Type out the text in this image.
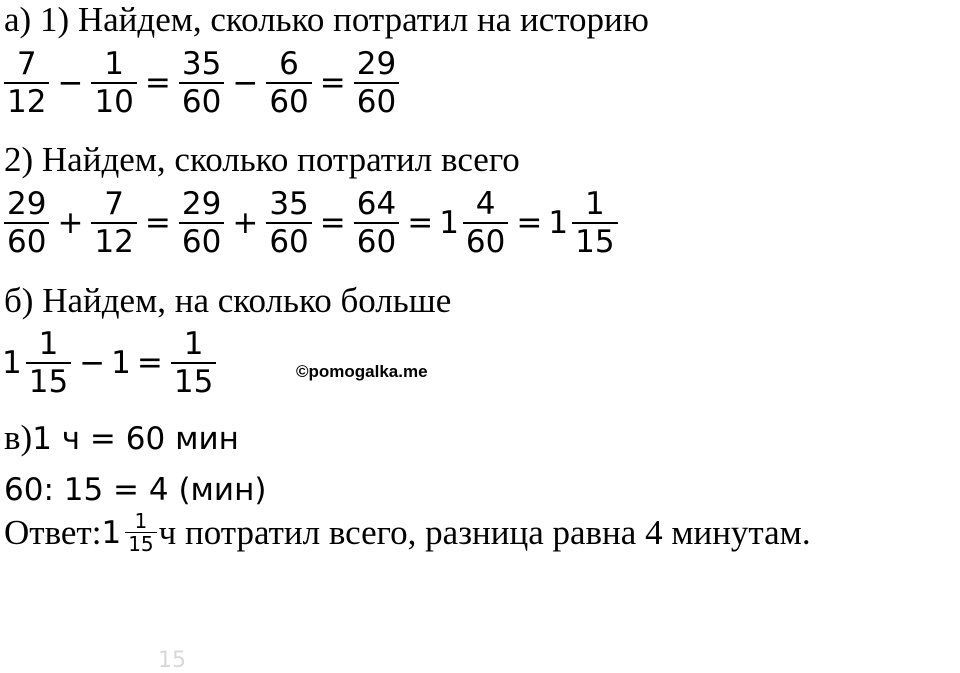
а) 1) Найдем, сколько потратил на историю
$\frac{7}{12} - \frac{1}{10} = \frac{35}{60} - \frac{6}{60} = \frac{29}{60}$
2) Найдем, сколько потратил всего
$\frac{29}{60} + \frac{7}{12} = \frac{29}{60} + \frac{35}{60} = \frac{64}{60} = 1 \frac{4}{60} = 1 \frac{1}{15}$
б) Найдем, на сколько больше
$1 \frac{1}{15} - 1 = \frac{1}{15}$	©pomogalka.me
в) 1 ч = 60 мин
60: 15 = 4 (мин)
Ответ: $1 \frac{1}{15}$ ч потратил всего, разница равна 4 минутам.
15
